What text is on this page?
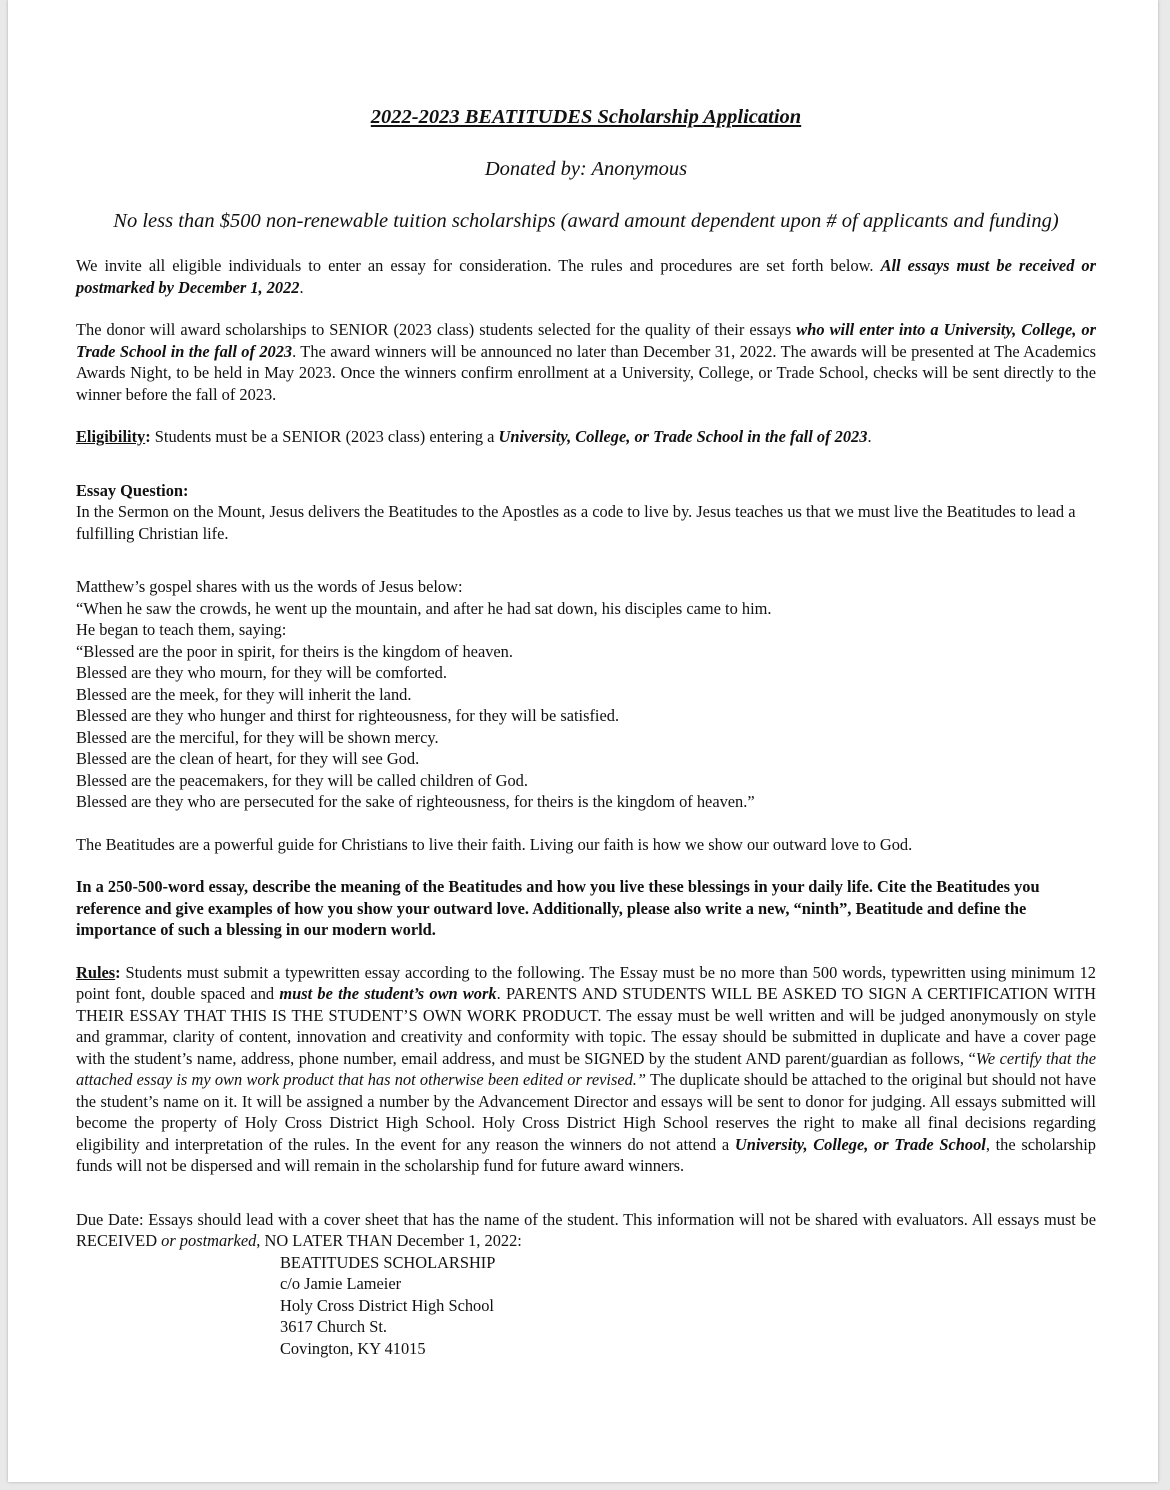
2022-2023 BEATITUDES Scholarship Application
Donated by: Anonymous
No less than $500 non-renewable tuition scholarships (award amount dependent upon # of applicants and funding)

We invite all eligible individuals to enter an essay for consideration. The rules and procedures are set forth below. All essays must be received or postmarked by December 1, 2022.

The donor will award scholarships to SENIOR (2023 class) students selected for the quality of their essays who will enter into a University, College, or Trade School in the fall of 2023. The award winners will be announced no later than December 31, 2022. The awards will be presented at The Academics Awards Night, to be held in May 2023. Once the winners confirm enrollment at a University, College, or Trade School, checks will be sent directly to the winner before the fall of 2023.

Eligibility: Students must be a SENIOR (2023 class) entering a University, College, or Trade School in the fall of 2023.

Essay Question:

In the Sermon on the Mount, Jesus delivers the Beatitudes to the Apostles as a code to live by. Jesus teaches us that we must live the Beatitudes to lead a fulfilling Christian life.

Matthew’s gospel shares with us the words of Jesus below:
“When he saw the crowds, he went up the mountain, and after he had sat down, his disciples came to him.
He began to teach them, saying:
“Blessed are the poor in spirit, for theirs is the kingdom of heaven.
Blessed are they who mourn, for they will be comforted.
Blessed are the meek, for they will inherit the land.
Blessed are they who hunger and thirst for righteousness, for they will be satisfied.
Blessed are the merciful, for they will be shown mercy.
Blessed are the clean of heart, for they will see God.
Blessed are the peacemakers, for they will be called children of God.
Blessed are they who are persecuted for the sake of righteousness, for theirs is the kingdom of heaven.”

The Beatitudes are a powerful guide for Christians to live their faith. Living our faith is how we show our outward love to God.

In a 250-500-word essay, describe the meaning of the Beatitudes and how you live these blessings in your daily life. Cite the Beatitudes you reference and give examples of how you show your outward love. Additionally, please also write a new, “ninth”, Beatitude and define the importance of such a blessing in our modern world.

Rules: Students must submit a typewritten essay according to the following. The Essay must be no more than 500 words, typewritten using minimum 12 point font, double spaced and must be the student’s own work. PARENTS AND STUDENTS WILL BE ASKED TO SIGN A CERTIFICATION WITH THEIR ESSAY THAT THIS IS THE STUDENT’S OWN WORK PRODUCT. The essay must be well written and will be judged anonymously on style and grammar, clarity of content, innovation and creativity and conformity with topic. The essay should be submitted in duplicate and have a cover page with the student’s name, address, phone number, email address, and must be SIGNED by the student AND parent/guardian as follows, “We certify that the attached essay is my own work product that has not otherwise been edited or revised.” The duplicate should be attached to the original but should not have the student’s name on it. It will be assigned a number by the Advancement Director and essays will be sent to donor for judging. All essays submitted will become the property of Holy Cross District High School. Holy Cross District High School reserves the right to make all final decisions regarding eligibility and interpretation of the rules. In the event for any reason the winners do not attend a University, College, or Trade School, the scholarship funds will not be dispersed and will remain in the scholarship fund for future award winners.

Due Date: Essays should lead with a cover sheet that has the name of the student. This information will not be shared with evaluators. All essays must be RECEIVED or postmarked, NO LATER THAN December 1, 2022:

BEATITUDES SCHOLARSHIP
c/o Jamie Lameier
Holy Cross District High School
3617 Church St.
Covington, KY 41015
